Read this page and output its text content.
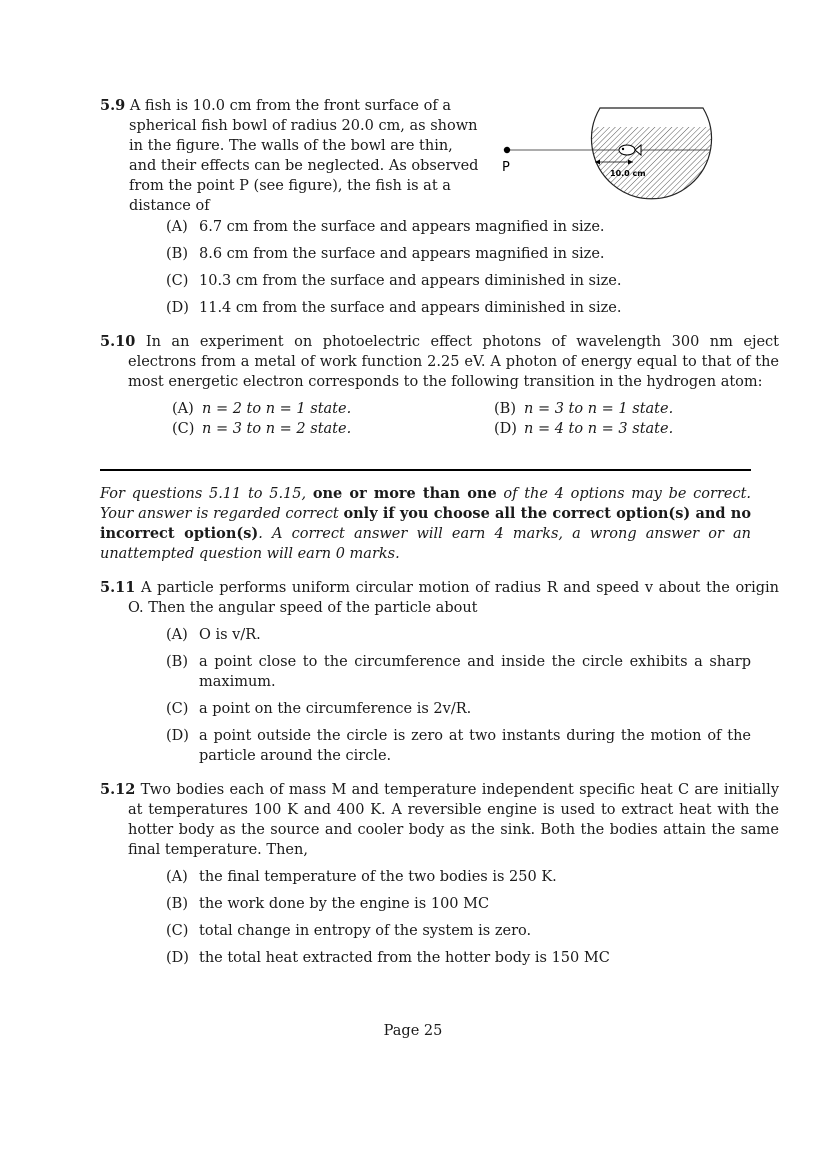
5.9 A fish is 10.0 cm from the front surface of a
spherical fish bowl of radius 20.0 cm, as shown
in the figure. The walls of the bowl are thin,
and their effects can be neglected. As observed
from the point P (see figure), the fish is at a
distance of
P	10.0 cm
(A) 6.7 cm from the surface and appears magnified in size.
(B) 8.6 cm from the surface and appears magnified in size.
(C) 10.3 cm from the surface and appears diminished in size.
(D) 11.4 cm from the surface and appears diminished in size.
5.10 In an experiment on photoelectric effect photons of wavelength 300 nm eject electrons from a metal of work function 2.25 eV. A photon of energy equal to that of the most energetic electron corresponds to the following transition in the hydrogen atom:
(A) n = 2 to n = 1 state.	(B) n = 3 to n = 1 state.
(C) n = 3 to n = 2 state.	(D) n = 4 to n = 3 state.
For questions 5.11 to 5.15, one or more than one of the 4 options may be correct. Your answer is regarded correct only if you choose all the correct option(s) and no incorrect option(s). A correct answer will earn 4 marks, a wrong answer or an unattempted question will earn 0 marks.
5.11 A particle performs uniform circular motion of radius R and speed v about the origin O. Then the angular speed of the particle about
(A) O is v/R.
(B) a point close to the circumference and inside the circle exhibits a sharp maximum.
(C) a point on the circumference is 2v/R.
(D) a point outside the circle is zero at two instants during the motion of the particle around the circle.
5.12 Two bodies each of mass M and temperature independent specific heat C are initially at temperatures 100 K and 400 K. A reversible engine is used to extract heat with the hotter body as the source and cooler body as the sink. Both the bodies attain the same final temperature. Then,
(A) the final temperature of the two bodies is 250 K.
(B) the work done by the engine is 100 MC
(C) total change in entropy of the system is zero.
(D) the total heat extracted from the hotter body is 150 MC
Page 25
